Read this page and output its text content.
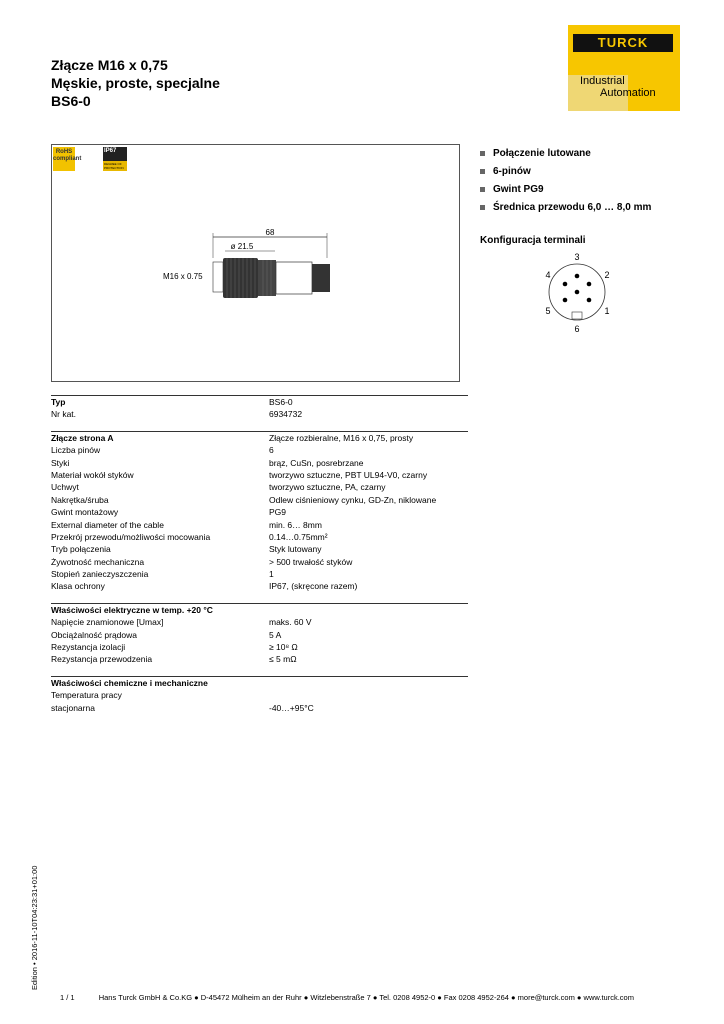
Złącze M16 x 0,75
Męskie, proste, specjalne
BS6-0
TURCK
Industrial
Automation
RoHS
compliant
IP67
DEGREE OF PROTECTION
68
ø 21.5
M16 x 0.75
Połączenie lutowane
6-pinów
Gwint PG9
Średnica przewodu 6,0 … 8,0 mm
Konfiguracja terminali
3
4	2
5	1
6
Typ	BS6-0
Nr kat.	6934732
Złącze strona A	Złącze rozbieralne, M16 x 0,75, prosty
Liczba pinów	6
Styki	brąz, CuSn, posrebrzane
Materiał wokół styków	tworzywo sztuczne, PBT UL94-V0, czarny
Uchwyt	tworzywo sztuczne, PA, czarny
Nakrętka/śruba	Odlew ciśnieniowy cynku, GD-Zn, niklowane
Gwint montażowy	PG9
External diameter of the cable	min. 6… 8mm
Przekrój przewodu/możliwości mocowania	0.14…0.75mm²
Tryb połączenia	Styk lutowany
Żywotność mechaniczna	> 500 trwałość styków
Stopień zanieczyszczenia	1
Klasa ochrony	IP67, (skręcone razem)
Właściwości elektryczne w temp. +20 °C
Napięcie znamionowe [Umax]	maks. 60 V
Obciążalność prądowa	5 A
Rezystancja izolacji	≥ 10⁸ Ω
Rezystancja przewodzenia	≤ 5 mΩ
Właściwości chemiczne i mechaniczne
Temperatura pracy
stacjonarna	-40…+95°C
Edition • 2016-11-10T04:23:31+01:00
1 / 1	Hans Turck GmbH & Co.KG ● D-45472 Mülheim an der Ruhr ● Witzlebenstraße 7 ● Tel. 0208 4952-0 ● Fax 0208 4952-264 ● more@turck.com ● www.turck.com
